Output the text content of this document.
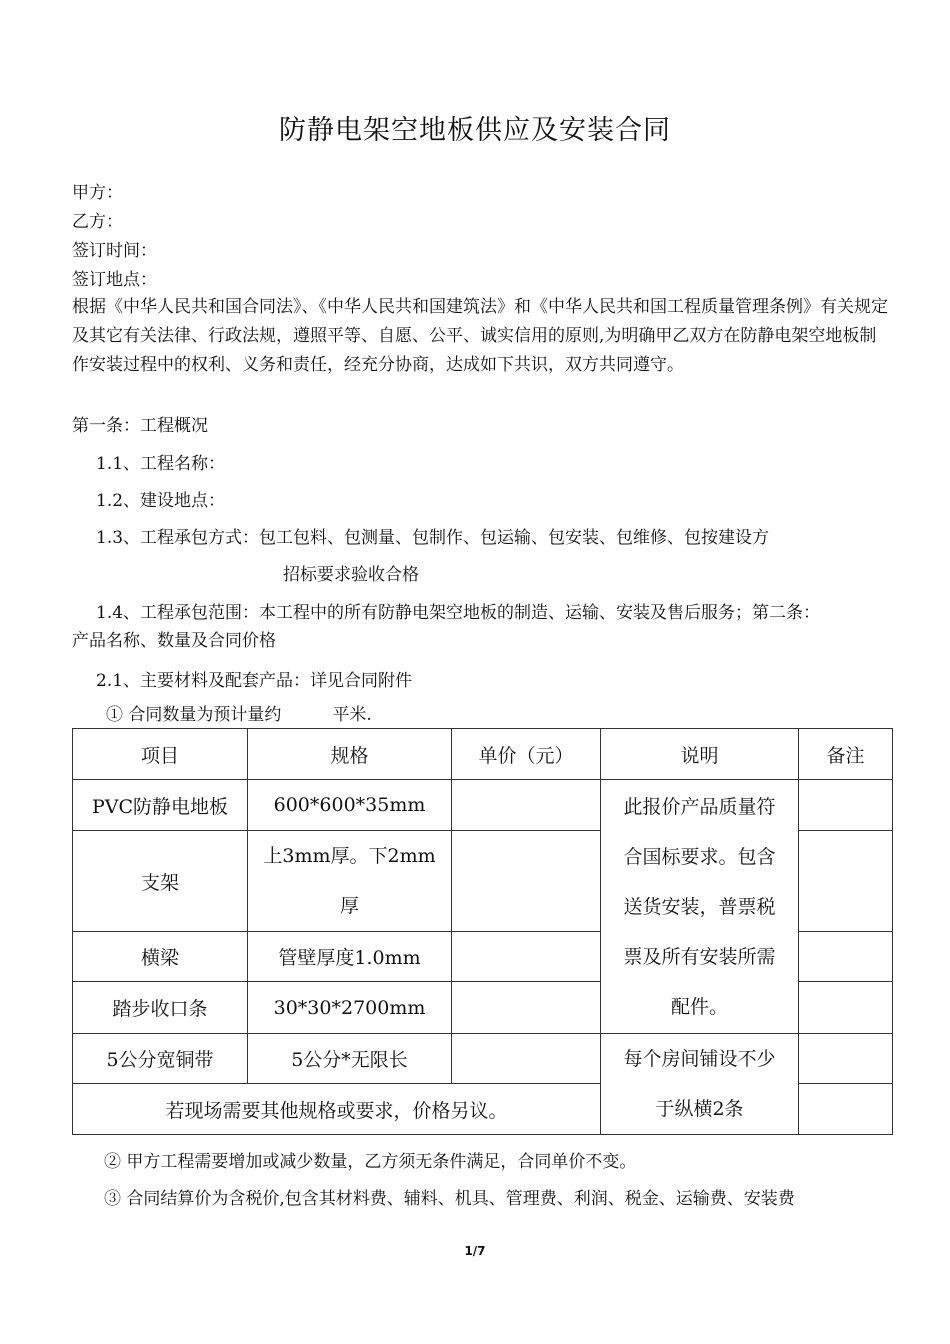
防静电架空地板供应及安装合同
甲方：
乙方：
签订时间：
签订地点：
根据《中华人民共和国合同法》、《中华人民共和国建筑法》和《中华人民共和国工程质量管理条例》有关规定及其它有关法律、行政法规，遵照平等、自愿、公平、诚实信用的原则,为明确甲乙双方在防静电架空地板制作安装过程中的权利、义务和责任，经充分协商，达成如下共识，双方共同遵守。
第一条：工程概况
1.1、工程名称：
1.2、建设地点：
1.3、工程承包方式：包工包料、包测量、包制作、包运输、包安装、包维修、包按建设方
招标要求验收合格
1.4、工程承包范围：本工程中的所有防静电架空地板的制造、运输、安装及售后服务；第二条：
产品名称、数量及合同价格
2.1、主要材料及配套产品：详见合同附件
① 合同数量为预计量约　　　平米.
项目	规格	单价（元）	说明	备注
PVC防静电地板	600*600*35mm		此报价产品质量符
合国标要求。包含
送货安装，普票税
票及所有安装所需
配件。	

支架	上3mm厚。下2mm
厚			

横梁	管壁厚度1.0mm			
踏步收口条	30*30*2700mm			
5公分宽铜带	5公分*无限长		每个房间铺设不少
于纵横2条	

若现场需要其他规格或要求，价格另议。				
② 甲方工程需要增加或减少数量，乙方须无条件满足，合同单价不变。
③ 合同结算价为含税价,包含其材料费、辅料、机具、管理费、利润、税金、运输费、安装费
1/7
